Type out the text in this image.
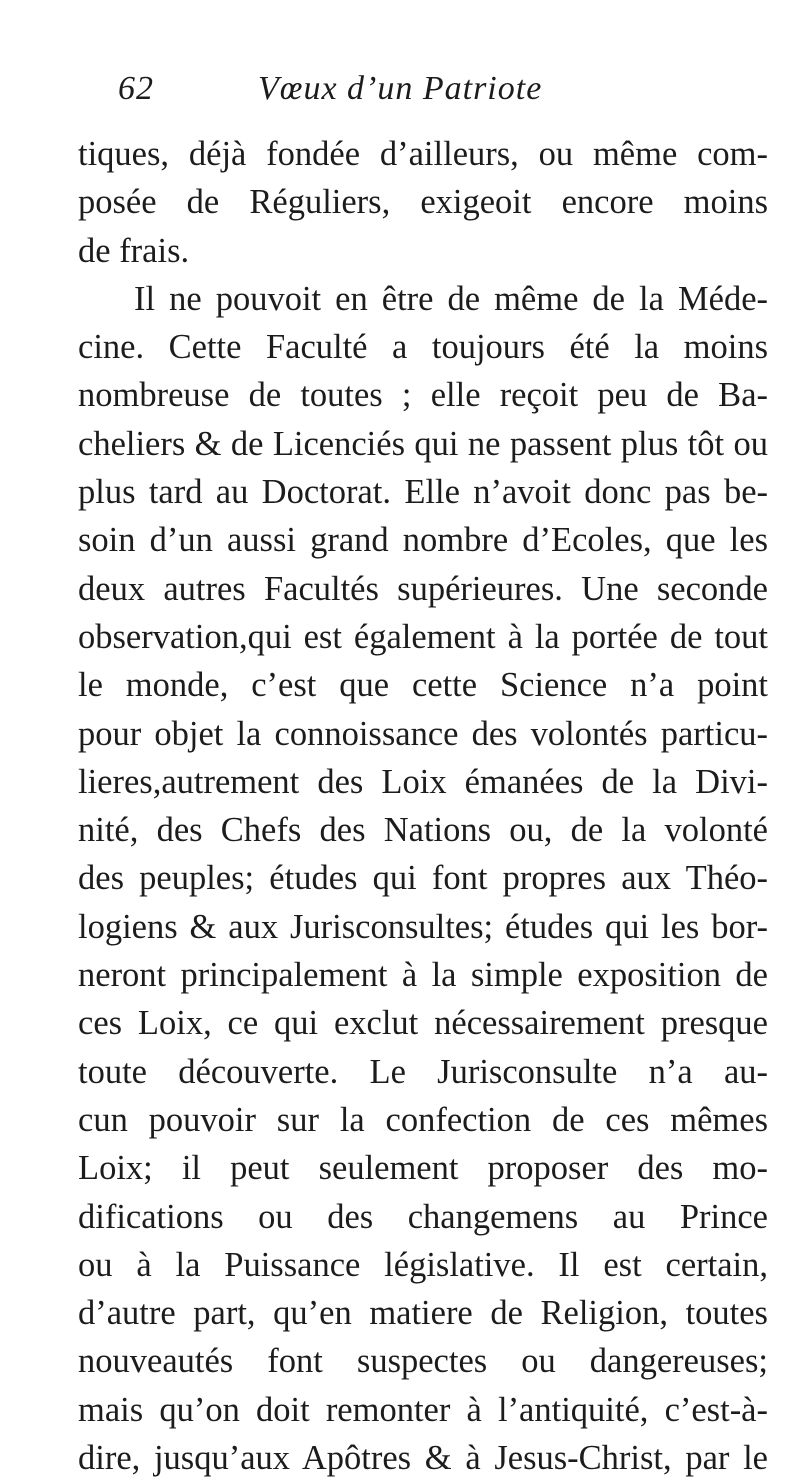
62	Vœux d’un Patriote
tiques, déjà fondée d’ailleurs, ou même com-
posée de Réguliers, exigeoit encore moins
de frais.
Il ne pouvoit en être de même de la Méde-
cine. Cette Faculté a toujours été la moins
nombreuse de toutes ; elle reçoit peu de Ba-
cheliers & de Licenciés qui ne passent plus tôt ou
plus tard au Doctorat. Elle n’avoit donc pas be-
soin d’un aussi grand nombre d’Ecoles, que les
deux autres Facultés supérieures. Une seconde
observation,qui est également à la portée de tout
le monde, c’est que cette Science n’a point
pour objet la connoissance des volontés particu-
lieres,autrement des Loix émanées de la Divi-
nité, des Chefs des Nations ou, de la volonté
des peuples; études qui font propres aux Théo-
logiens & aux Jurisconsultes; études qui les bor-
neront principalement à la simple exposition de
ces Loix, ce qui exclut nécessairement presque
toute découverte. Le Jurisconsulte n’a au-
cun pouvoir sur la confection de ces mêmes
Loix; il peut seulement proposer des mo-
difications ou des changemens au Prince
ou à la Puissance législative. Il est certain,
d’autre part, qu’en matiere de Religion, toutes
nouveautés font suspectes ou dangereuses;
mais qu’on doit remonter à l’antiquité, c’est-à-
dire, jusqu’aux Apôtres & à Jesus-Christ, par le
